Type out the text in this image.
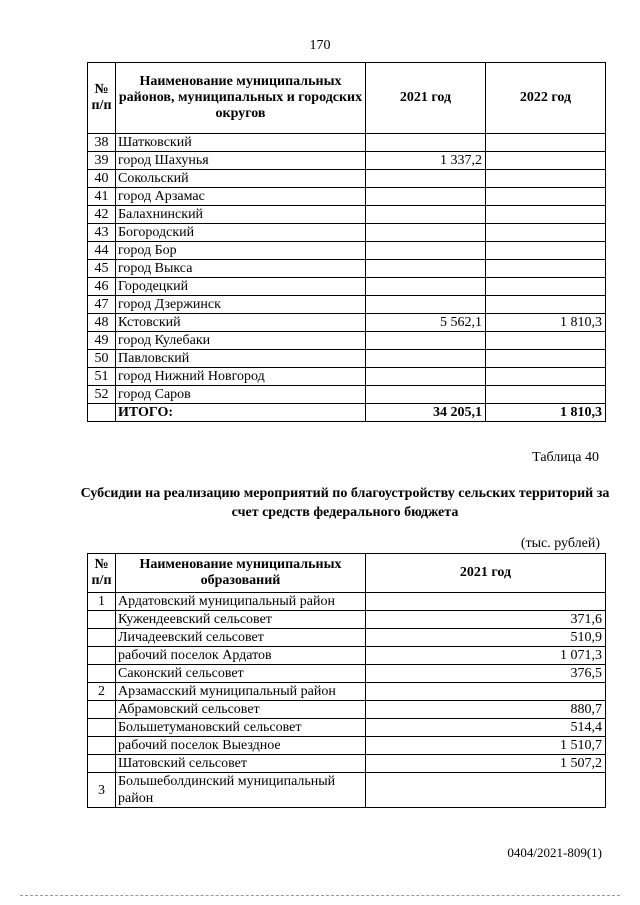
170
№ п/п	Наименование муниципальных районов, муниципальных и городских округов	2021 год	2022 год
38	Шатковский		
39	город Шахунья	1 337,2	
40	Сокольский		
41	город Арзамас		
42	Балахнинский		
43	Богородский		
44	город Бор		
45	город Выкса		
46	Городецкий		
47	город Дзержинск		
48	Кстовский	5 562,1	1 810,3
49	город Кулебаки		
50	Павловский		
51	город Нижний Новгород		
52	город Саров		
	ИТОГО:	34 205,1	1 810,3
Таблица 40
Субсидии на реализацию мероприятий по благоустройству сельских территорий за счет средств федерального бюджета
(тыс. рублей)
№ п/п	Наименование муниципальных образований	2021 год
1	Ардатовский муниципальный район	
	Кужендеевский сельсовет	371,6
	Личадеевский сельсовет	510,9
	рабочий поселок Ардатов	1 071,3
	Саконский сельсовет	376,5
2	Арзамасский муниципальный район	
	Абрамовский сельсовет	880,7
	Большетумановский сельсовет	514,4
	рабочий поселок Выездное	1 510,7
	Шатовский сельсовет	1 507,2
3	Большеболдинский муниципальный район	
0404/2021-809(1)
